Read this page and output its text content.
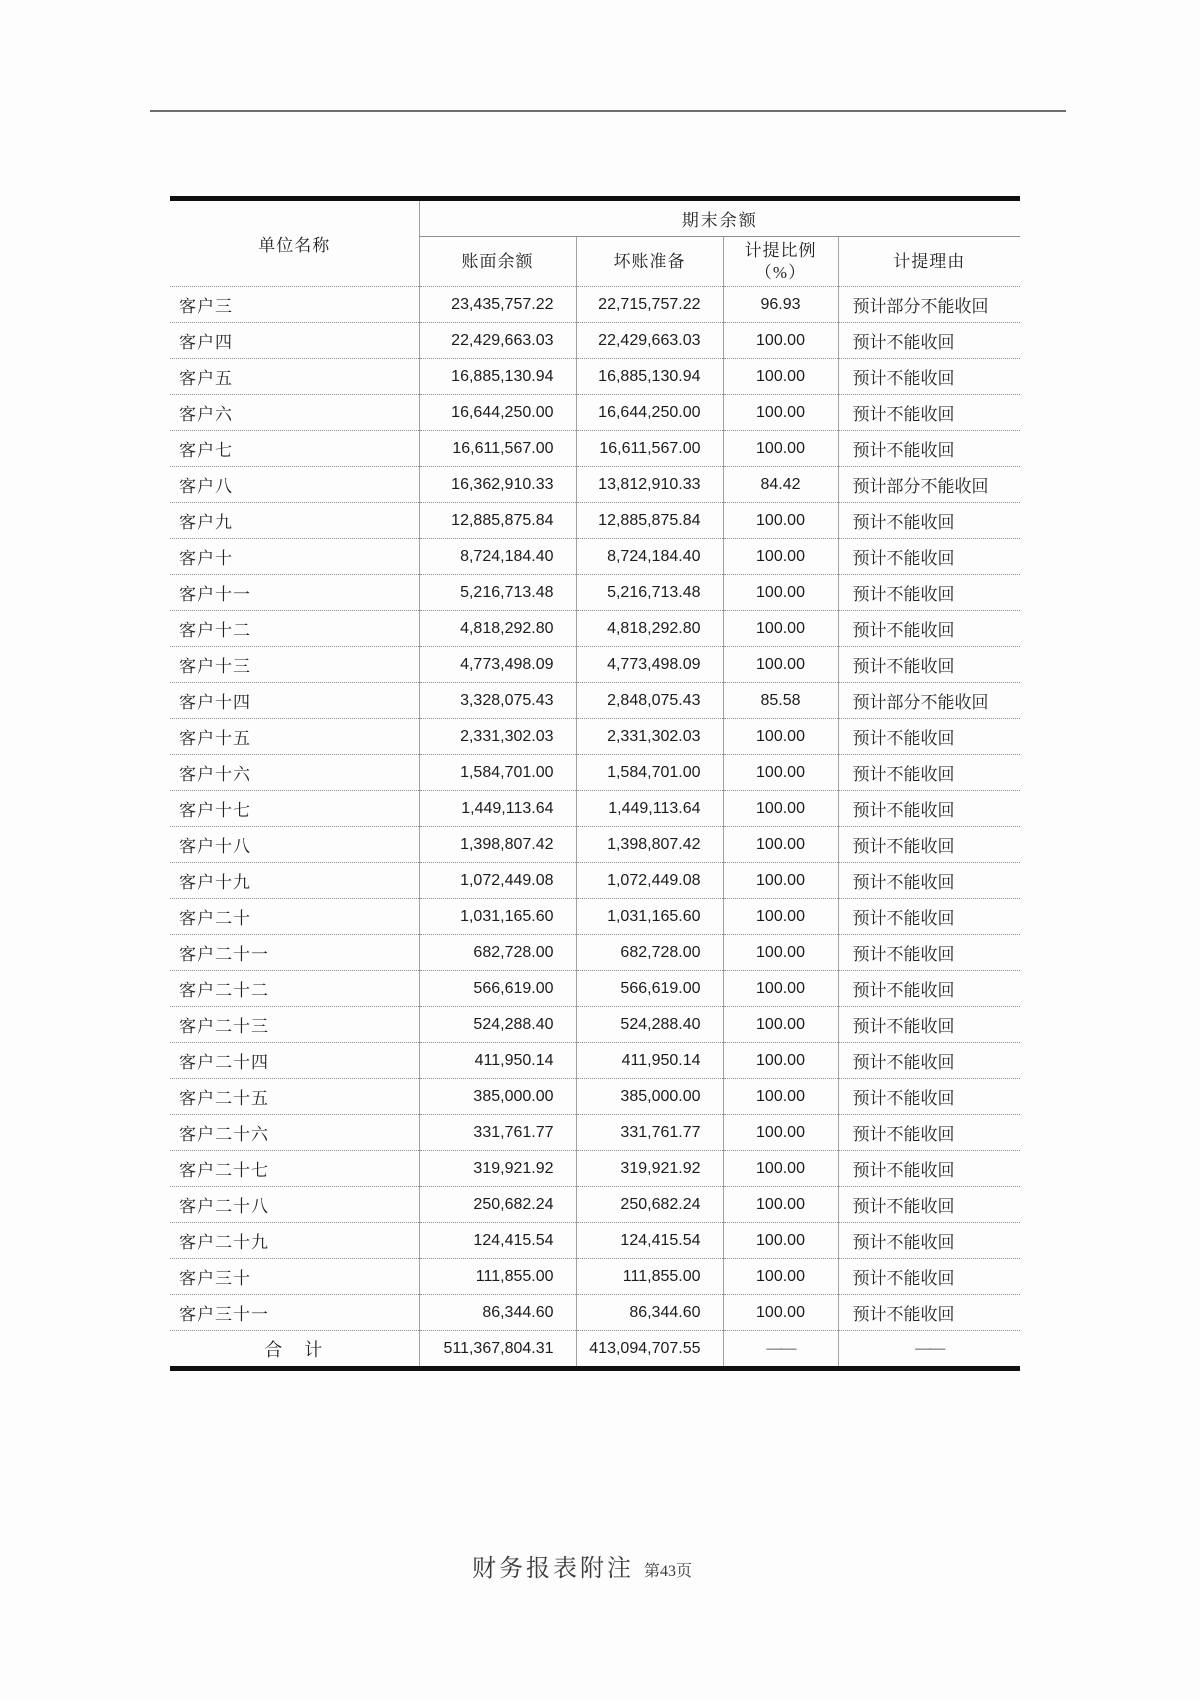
单位名称	期末余额			
	账面余额	坏账准备	计提比例
（%）	计提理由
客户三	23,435,757.22	22,715,757.22	96.93	预计部分不能收回
客户四	22,429,663.03	22,429,663.03	100.00	预计不能收回
客户五	16,885,130.94	16,885,130.94	100.00	预计不能收回
客户六	16,644,250.00	16,644,250.00	100.00	预计不能收回
客户七	16,611,567.00	16,611,567.00	100.00	预计不能收回
客户八	16,362,910.33	13,812,910.33	84.42	预计部分不能收回
客户九	12,885,875.84	12,885,875.84	100.00	预计不能收回
客户十	8,724,184.40	8,724,184.40	100.00	预计不能收回
客户十一	5,216,713.48	5,216,713.48	100.00	预计不能收回
客户十二	4,818,292.80	4,818,292.80	100.00	预计不能收回
客户十三	4,773,498.09	4,773,498.09	100.00	预计不能收回
客户十四	3,328,075.43	2,848,075.43	85.58	预计部分不能收回
客户十五	2,331,302.03	2,331,302.03	100.00	预计不能收回
客户十六	1,584,701.00	1,584,701.00	100.00	预计不能收回
客户十七	1,449,113.64	1,449,113.64	100.00	预计不能收回
客户十八	1,398,807.42	1,398,807.42	100.00	预计不能收回
客户十九	1,072,449.08	1,072,449.08	100.00	预计不能收回
客户二十	1,031,165.60	1,031,165.60	100.00	预计不能收回
客户二十一	682,728.00	682,728.00	100.00	预计不能收回
客户二十二	566,619.00	566,619.00	100.00	预计不能收回
客户二十三	524,288.40	524,288.40	100.00	预计不能收回
客户二十四	411,950.14	411,950.14	100.00	预计不能收回
客户二十五	385,000.00	385,000.00	100.00	预计不能收回
客户二十六	331,761.77	331,761.77	100.00	预计不能收回
客户二十七	319,921.92	319,921.92	100.00	预计不能收回
客户二十八	250,682.24	250,682.24	100.00	预计不能收回
客户二十九	124,415.54	124,415.54	100.00	预计不能收回
客户三十	111,855.00	111,855.00	100.00	预计不能收回
客户三十一	86,344.60	86,344.60	100.00	预计不能收回
合　计	511,367,804.31	413,094,707.55	——	——
财务报表附注 第43页
